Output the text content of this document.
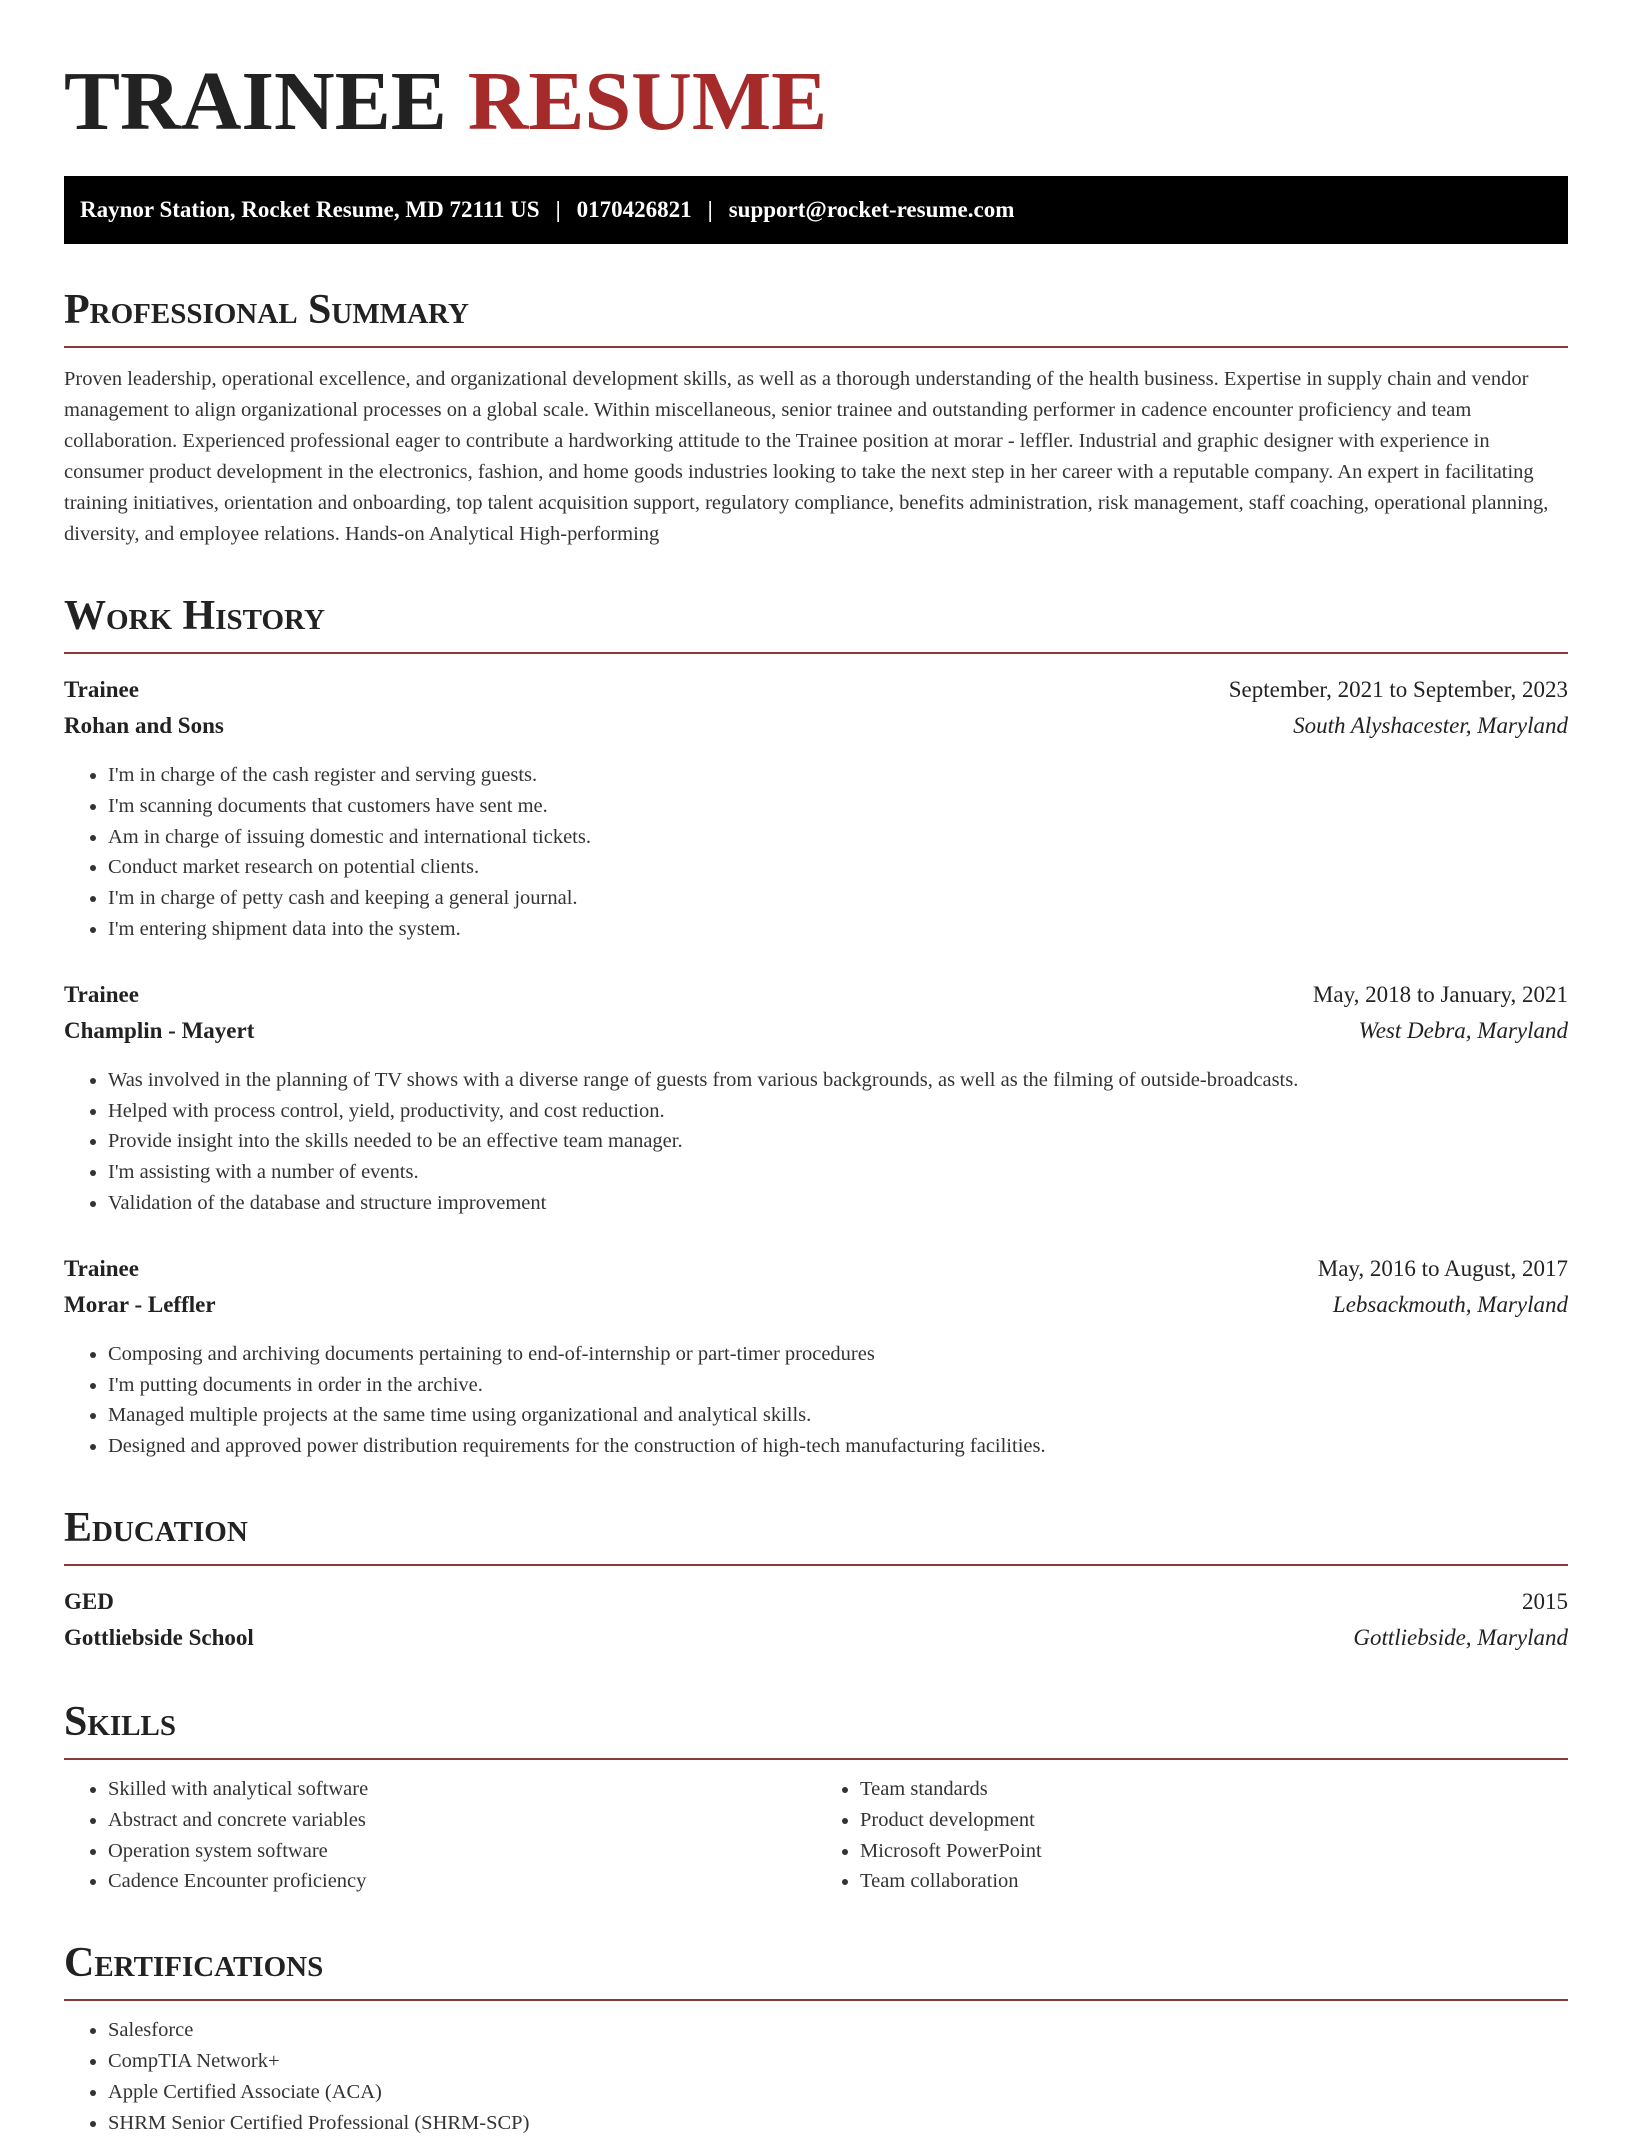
TRAINEE RESUME
Raynor Station, Rocket Resume, MD 72111 US | 0170426821 | support@rocket-resume.com
Professional Summary

Proven leadership, operational excellence, and organizational development skills, as well as a thorough understanding of the health business. Expertise in supply chain and vendor management to align organizational processes on a global scale. Within miscellaneous, senior trainee and outstanding performer in cadence encounter proficiency and team collaboration. Experienced professional eager to contribute a hardworking attitude to the Trainee position at morar - leffler. Industrial and graphic designer with experience in consumer product development in the electronics, fashion, and home goods industries looking to take the next step in her career with a reputable company. An expert in facilitating training initiatives, orientation and onboarding, top talent acquisition support, regulatory compliance, benefits administration, risk management, staff coaching, operational planning, diversity, and employee relations. Hands-on Analytical High-performing

Work History
Trainee	September, 2021 to September, 2023
Rohan and Sons	South Alyshacester, Maryland
• I'm in charge of the cash register and serving guests.
• I'm scanning documents that customers have sent me.
• Am in charge of issuing domestic and international tickets.
• Conduct market research on potential clients.
• I'm in charge of petty cash and keeping a general journal.
• I'm entering shipment data into the system.
Trainee	May, 2018 to January, 2021
Champlin - Mayert	West Debra, Maryland
• Was involved in the planning of TV shows with a diverse range of guests from various backgrounds, as well as the filming of outside-broadcasts.
• Helped with process control, yield, productivity, and cost reduction.
• Provide insight into the skills needed to be an effective team manager.
• I'm assisting with a number of events.
• Validation of the database and structure improvement
Trainee	May, 2016 to August, 2017
Morar - Leffler	Lebsackmouth, Maryland
• Composing and archiving documents pertaining to end-of-internship or part-timer procedures
• I'm putting documents in order in the archive.
• Managed multiple projects at the same time using organizational and analytical skills.
• Designed and approved power distribution requirements for the construction of high-tech manufacturing facilities.
Education
GED	2015
Gottliebside School	Gottliebside, Maryland
Skills
• Skilled with analytical software
• Abstract and concrete variables
• Operation system software
• Cadence Encounter proficiency
• Team standards
• Product development
• Microsoft PowerPoint
• Team collaboration
Certifications
• Salesforce
• CompTIA Network+
• Apple Certified Associate (ACA)
• SHRM Senior Certified Professional (SHRM-SCP)
